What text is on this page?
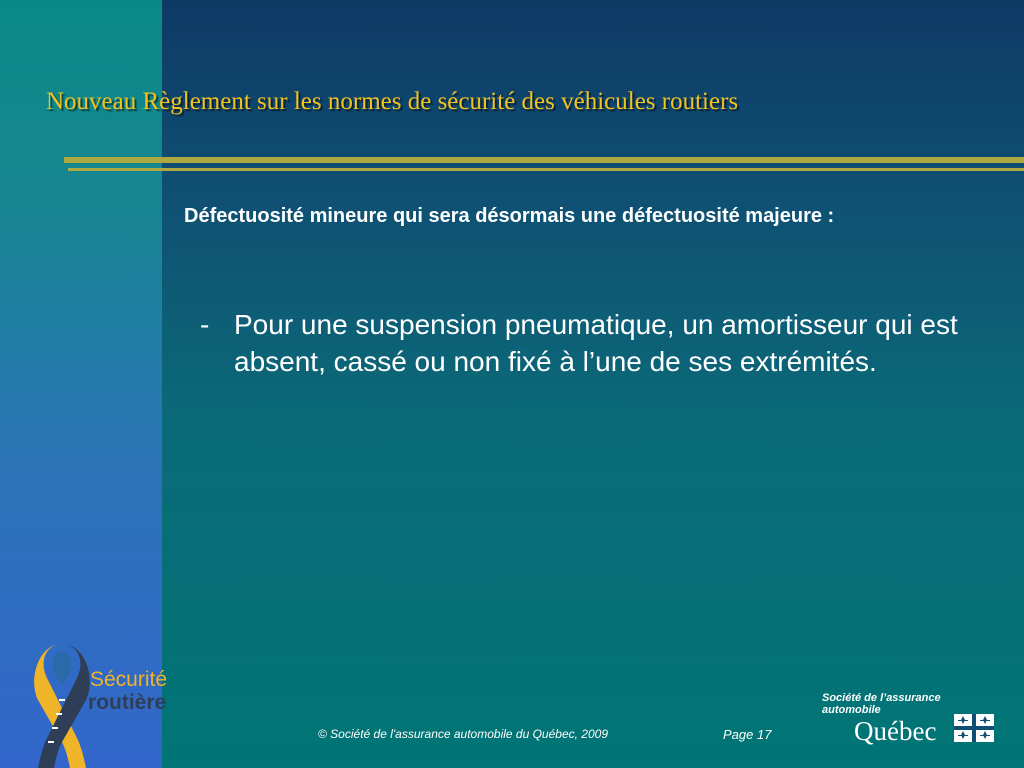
Nouveau Règlement sur les normes de sécurité des véhicules routiers

Défectuosité mineure qui sera désormais une défectuosité majeure :

- Pour une suspension pneumatique, un amortisseur qui est absent, cassé ou non fixé à l’une de ses extrémités.
Sécurité
routière
© Société de l'assurance automobile du Québec, 2009	Page 17
Société de l’assurance automobile
Québec
